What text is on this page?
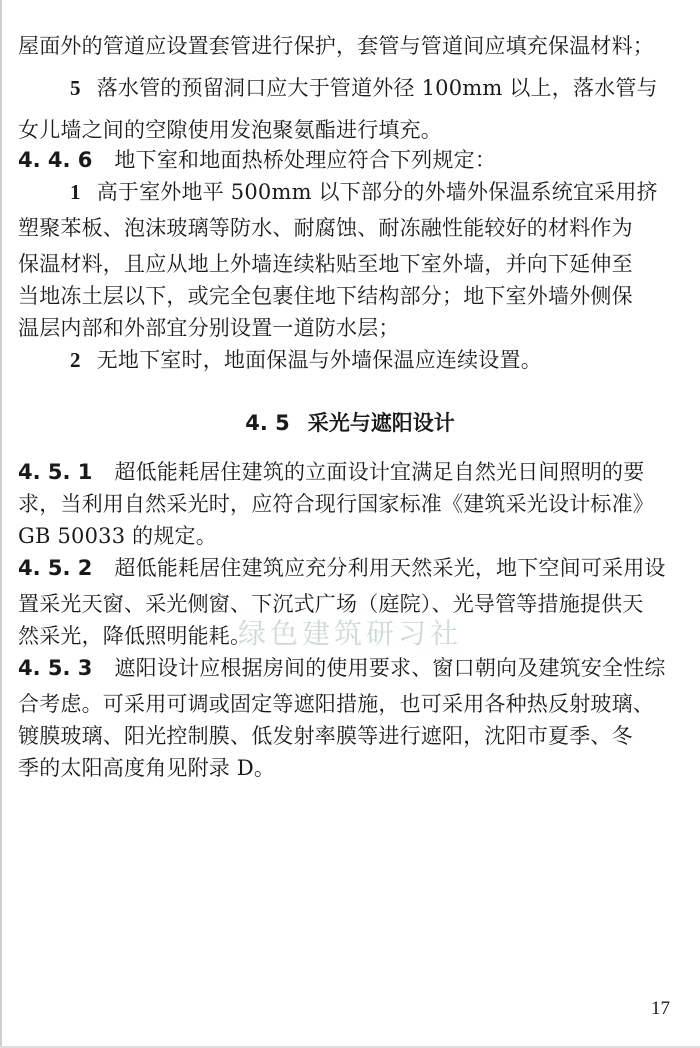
屋面外的管道应设置套管进行保护，套管与管道间应填充保温材料；
5 落水管的预留洞口应大于管道外径 100mm 以上，落水管与
女儿墙之间的空隙使用发泡聚氨酯进行填充。
4. 4. 6 地下室和地面热桥处理应符合下列规定：
1 高于室外地平 500mm 以下部分的外墙外保温系统宜采用挤
塑聚苯板、泡沫玻璃等防水、耐腐蚀、耐冻融性能较好的材料作为
保温材料，且应从地上外墙连续粘贴至地下室外墙，并向下延伸至
当地冻土层以下，或完全包裹住地下结构部分；地下室外墙外侧保
温层内部和外部宜分别设置一道防水层；
2 无地下室时，地面保温与外墙保温应连续设置。
4. 5 采光与遮阳设计
4. 5. 1 超低能耗居住建筑的立面设计宜满足自然光日间照明的要
求，当利用自然采光时，应符合现行国家标准《建筑采光设计标准》
GB 50033 的规定。
4. 5. 2 超低能耗居住建筑应充分利用天然采光，地下空间可采用设
置采光天窗、采光侧窗、下沉式广场（庭院）、光导管等措施提供天
然采光，降低照明能耗。
4. 5. 3 遮阳设计应根据房间的使用要求、窗口朝向及建筑安全性综
合考虑。可采用可调或固定等遮阳措施，也可采用各种热反射玻璃、
镀膜玻璃、阳光控制膜、低发射率膜等进行遮阳，沈阳市夏季、冬
季的太阳高度角见附录 D。
绿色建筑研习社
17
